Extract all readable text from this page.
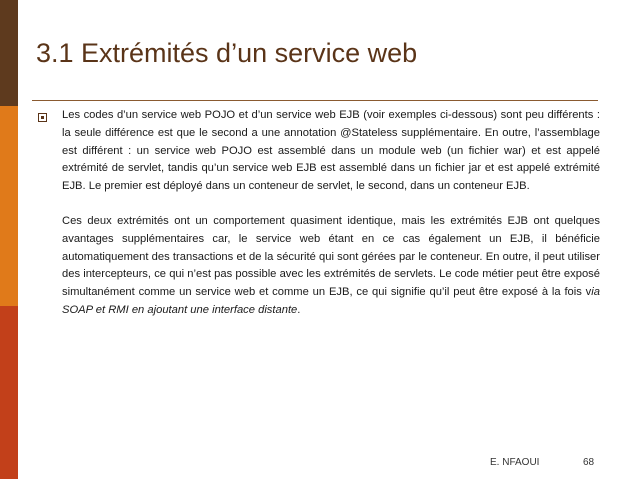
3.1 Extrémités d’un service web

Les codes d’un service web POJO et d’un service web EJB (voir exemples ci-dessous) sont peu différents : la seule différence est que le second a une annotation @Stateless supplémentaire. En outre, l’assemblage est différent : un service web POJO est assemblé dans un module web (un fichier war) et est appelé extrémité de servlet, tandis qu’un service web EJB est assemblé dans un fichier jar et est appelé extrémité EJB. Le premier est déployé dans un conteneur de servlet, le second, dans un conteneur EJB.

Ces deux extrémités ont un comportement quasiment identique, mais les extrémités EJB ont quelques avantages supplémentaires car, le service web étant en ce cas également un EJB, il bénéficie automatiquement des transactions et de la sécurité qui sont gérées par le conteneur. En outre, il peut utiliser des intercepteurs, ce qui n’est pas possible avec les extrémités de servlets. Le code métier peut être exposé simultanément comme un service web et comme un EJB, ce qui signifie qu’il peut être exposé à la fois via SOAP et RMI en ajoutant une interface distante.

E. NFAOUI	68
